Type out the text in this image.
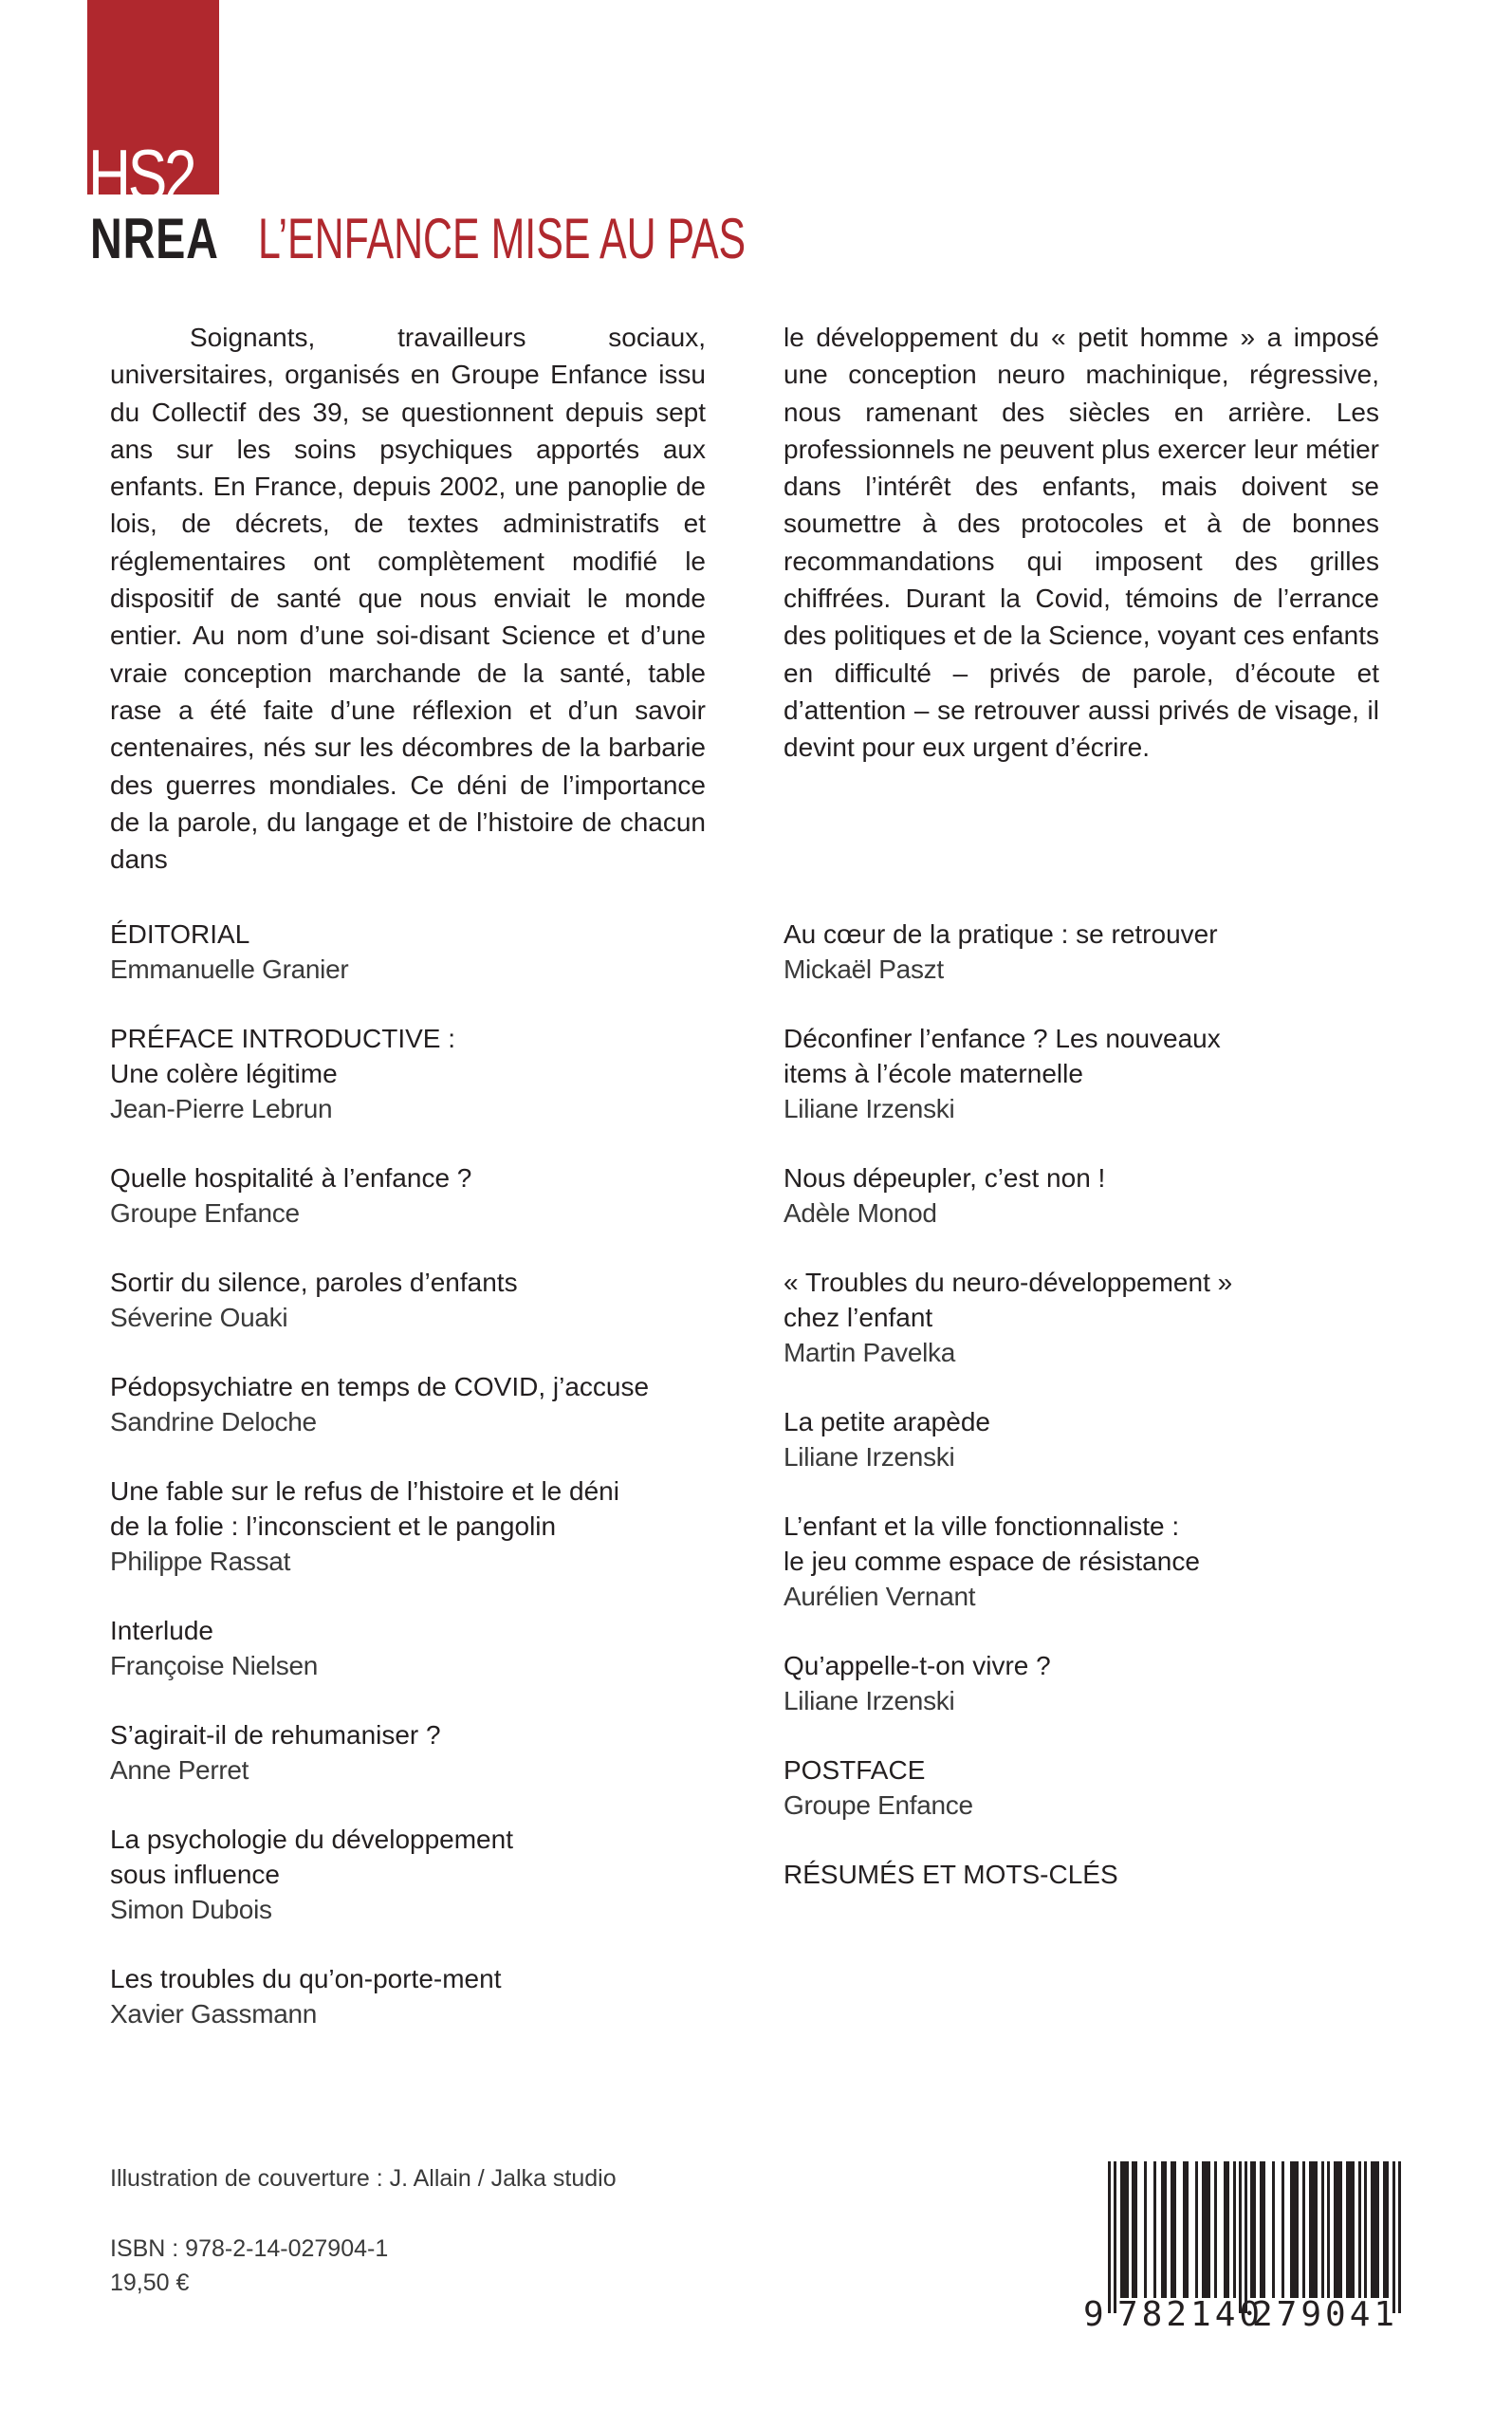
HS2
NREA L’ENFANCE MISE AU PAS
Soignants, travailleurs sociaux, universitaires, organisés en Groupe Enfance issu du Collectif des 39, se questionnent depuis sept ans sur les soins psychiques apportés aux enfants. En France, depuis 2002, une panoplie de lois, de décrets, de textes administratifs et réglementaires ont complètement modifié le dispositif de santé que nous enviait le monde entier. Au nom d’une soi-disant Science et d’une vraie conception marchande de la santé, table rase a été faite d’une réflexion et d’un savoir centenaires, nés sur les décombres de la barbarie des guerres mondiales. Ce déni de l’importance de la parole, du langage et de l’histoire de chacun dans
le développement du « petit homme » a imposé une conception neuro machinique, régressive, nous ramenant des siècles en arrière. Les professionnels ne peuvent plus exercer leur métier dans l’intérêt des enfants, mais doivent se soumettre à des protocoles et à de bonnes recommandations qui imposent des grilles chiffrées. Durant la Covid, témoins de l’errance des politiques et de la Science, voyant ces enfants en difficulté – privés de parole, d’écoute et d’attention – se retrouver aussi privés de visage, il devint pour eux urgent d’écrire.
ÉDITORIAL
Emmanuelle Granier
PRÉFACE INTRODUCTIVE :
Une colère légitime
Jean-Pierre Lebrun
Quelle hospitalité à l’enfance ?
Groupe Enfance
Sortir du silence, paroles d’enfants
Séverine Ouaki
Pédopsychiatre en temps de COVID, j’accuse
Sandrine Deloche
Une fable sur le refus de l’histoire et le déni
de la folie : l’inconscient et le pangolin
Philippe Rassat
Interlude
Françoise Nielsen
S’agirait-il de rehumaniser ?
Anne Perret
La psychologie du développement
sous influence
Simon Dubois
Les troubles du qu’on-porte-ment
Xavier Gassmann
Au cœur de la pratique : se retrouver
Mickaël Paszt
Déconfiner l’enfance ? Les nouveaux
items à l’école maternelle
Liliane Irzenski
Nous dépeupler, c’est non !
Adèle Monod
« Troubles du neuro-développement »
chez l’enfant
Martin Pavelka
La petite arapède
Liliane Irzenski
L’enfant et la ville fonctionnaliste :
le jeu comme espace de résistance
Aurélien Vernant
Qu’appelle-t-on vivre ?
Liliane Irzenski
POSTFACE
Groupe Enfance
RÉSUMÉS ET MOTS-CLÉS
Illustration de couverture : J. Allain / Jalka studio
ISBN : 978-2-14-027904-1
19,50 €
9 782140
279041
